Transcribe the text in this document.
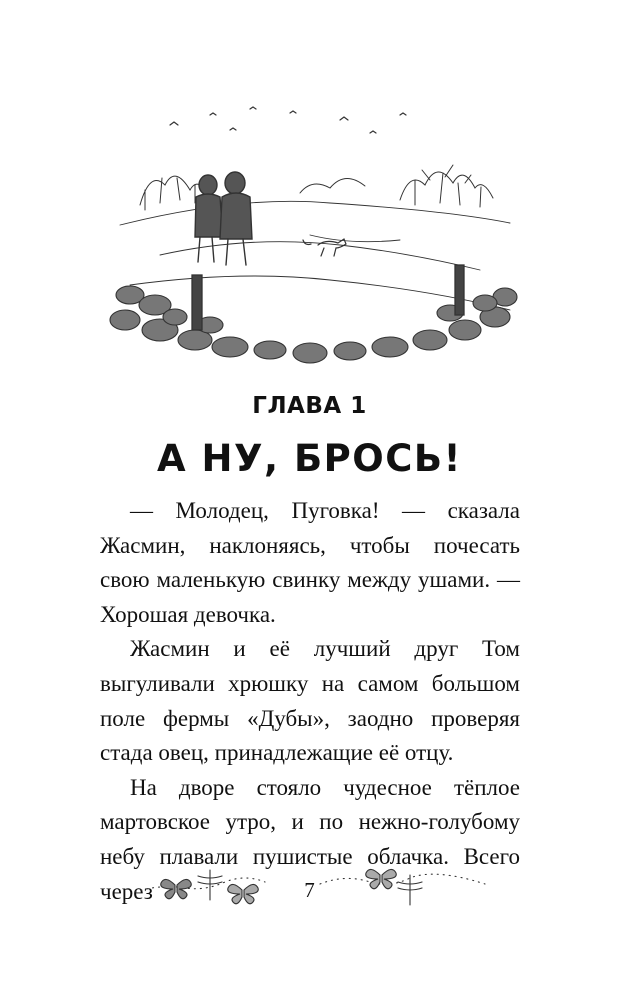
ГЛАВА 1
А НУ, БРОСЬ!

— Молодец, Пуговка! — сказала Жасмин, наклоняясь, чтобы почесать свою маленькую свинку между ушами. — Хорошая девочка.

Жасмин и её лучший друг Том выгуливали хрюшку на самом большом поле фермы «Дубы», заодно проверяя стада овец, принадлежащие её отцу.

На дворе стояло чудесное тёплое мартовское утро, и по нежно-голубому небу плавали пушистые облачка. Всего через	7
